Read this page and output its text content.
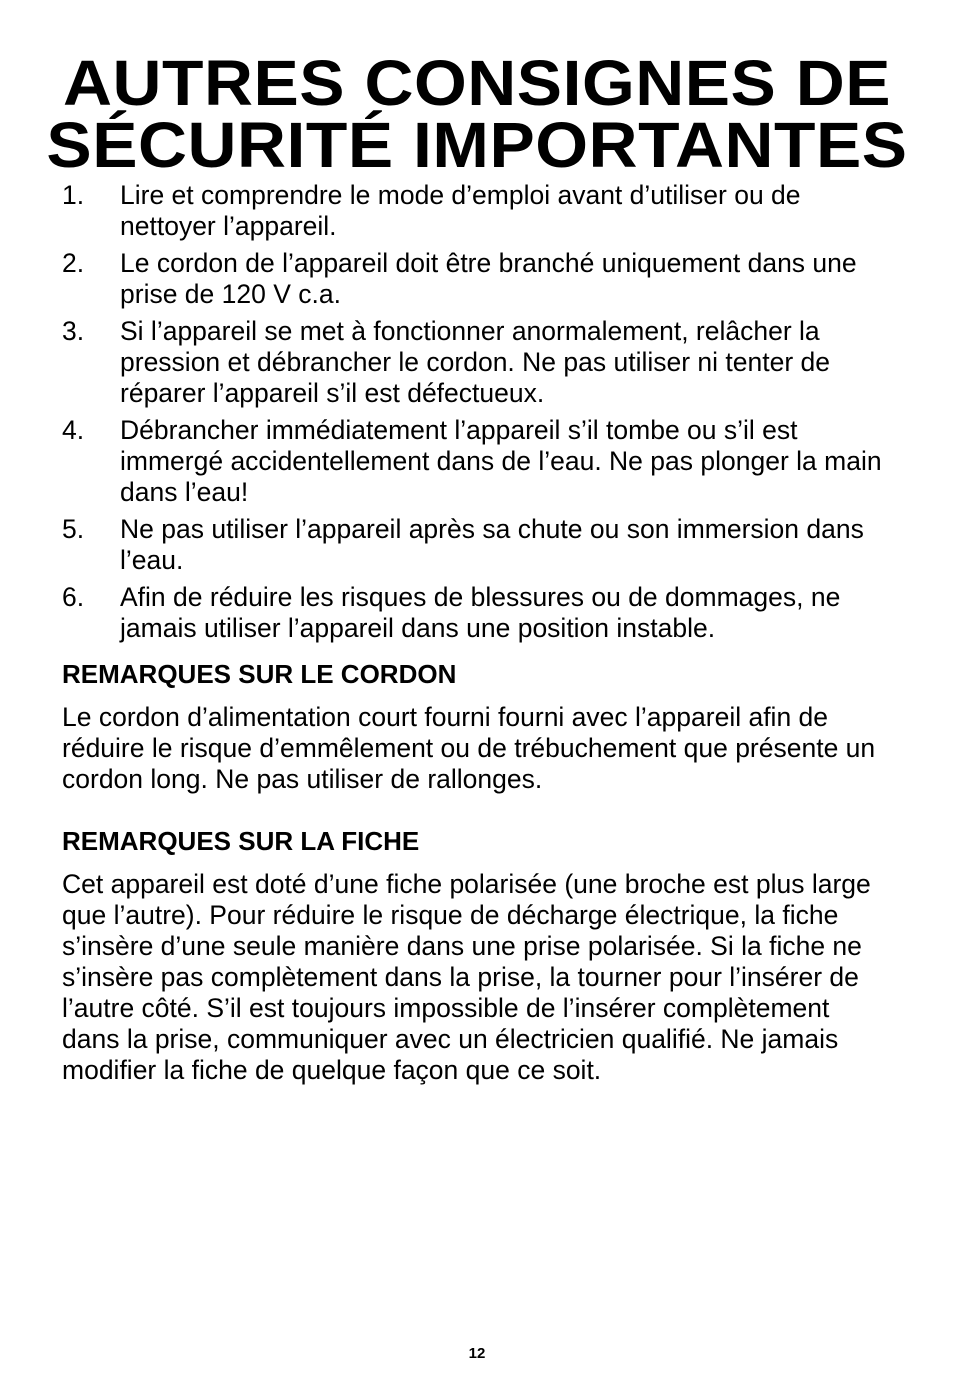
AUTRES CONSIGNES DE
SÉCURITÉ IMPORTANTES
1. Lire et comprendre le mode d’emploi avant d’utiliser ou de nettoyer l’appareil.
2. Le cordon de l’appareil doit être branché uniquement dans une prise de 120 V c.a.
3. Si l’appareil se met à fonctionner anormalement, relâcher la pression et débrancher le cordon. Ne pas utiliser ni tenter de réparer l’appareil s’il est défectueux.
4. Débrancher immédiatement l’appareil s’il tombe ou s’il est immergé accidentellement dans de l’eau. Ne pas plonger la main dans l’eau!
5. Ne pas utiliser l’appareil après sa chute ou son immersion dans l’eau.
6. Afin de réduire les risques de blessures ou de dommages, ne jamais utiliser l’appareil dans une position instable.
REMARQUES SUR LE CORDON

Le cordon d’alimentation court fourni fourni avec l’appareil afin de réduire le risque d’emmêlement ou de trébuchement que présente un cordon long. Ne pas utiliser de rallonges.

REMARQUES SUR LA FICHE

Cet appareil est doté d’une fiche polarisée (une broche est plus large que l’autre). Pour réduire le risque de décharge électrique, la fiche s’insère d’une seule manière dans une prise polarisée. Si la fiche ne s’insère pas complètement dans la prise, la tourner pour l’insérer de l’autre côté. S’il est toujours impossible de l’insérer complètement dans la prise, communiquer avec un électricien qualifié. Ne jamais modifier la fiche de quelque façon que ce soit.

12
